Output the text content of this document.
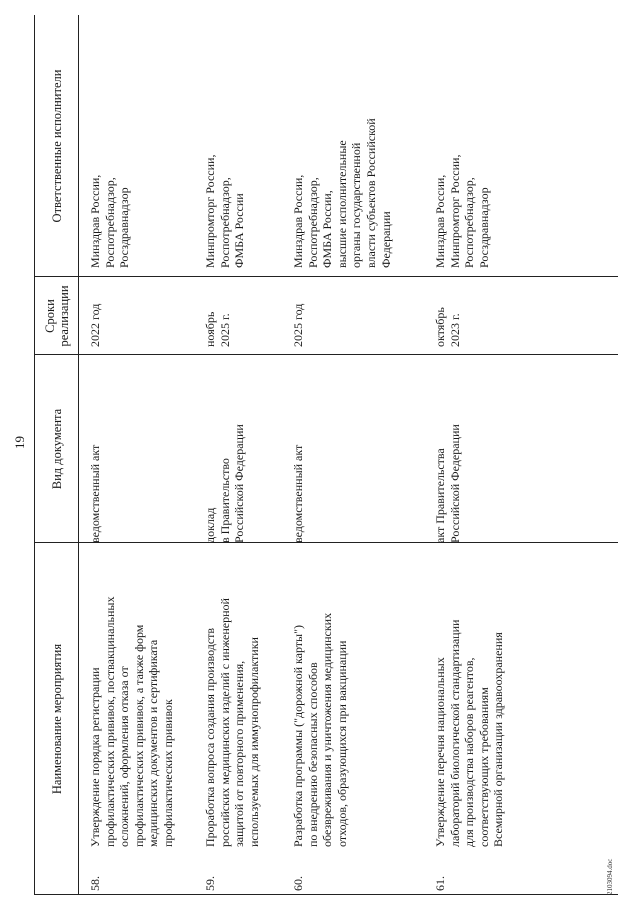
19
Наименование мероприятия
Вид документа
Сроки
реализации
Ответственные исполнители
58.
Утверждение порядка регистрации
профилактических прививок, поствакцинальных
осложнений, оформления отказа от
профилактических прививок, а также форм
медицинских документов и сертификата
профилактических прививок
ведомственный акт
2022 год
Минздрав России,
Роспотребнадзор,
Росздравнадзор
59.
Проработка вопроса создания производств
российских медицинских изделий с инженерной
защитой от повторного применения,
используемых для иммунопрофилактики
доклад
в Правительство
Российской Федерации
ноябрь
2025 г.
Минпромторг России,
Роспотребнадзор,
ФМБА России
60.
Разработка программы ("дорожной карты")
по внедрению безопасных способов
обезвреживания и уничтожения медицинских
отходов, образующихся при вакцинации
ведомственный акт
2025 год
Минздрав России,
Роспотребнадзор,
ФМБА России,
высшие исполнительные
органы государственной
власти субъектов Российской
Федерации
61.
Утверждение перечня национальных
лабораторий биологической стандартизации
для производства наборов реагентов,
соответствующих требованиям
Всемирной организации здравоохранения
акт Правительства
Российской Федерации
октябрь
2023 г.
Минздрав России,
Минпромторг России,
Роспотребнадзор,
Росздравнадзор
2103094.doc
